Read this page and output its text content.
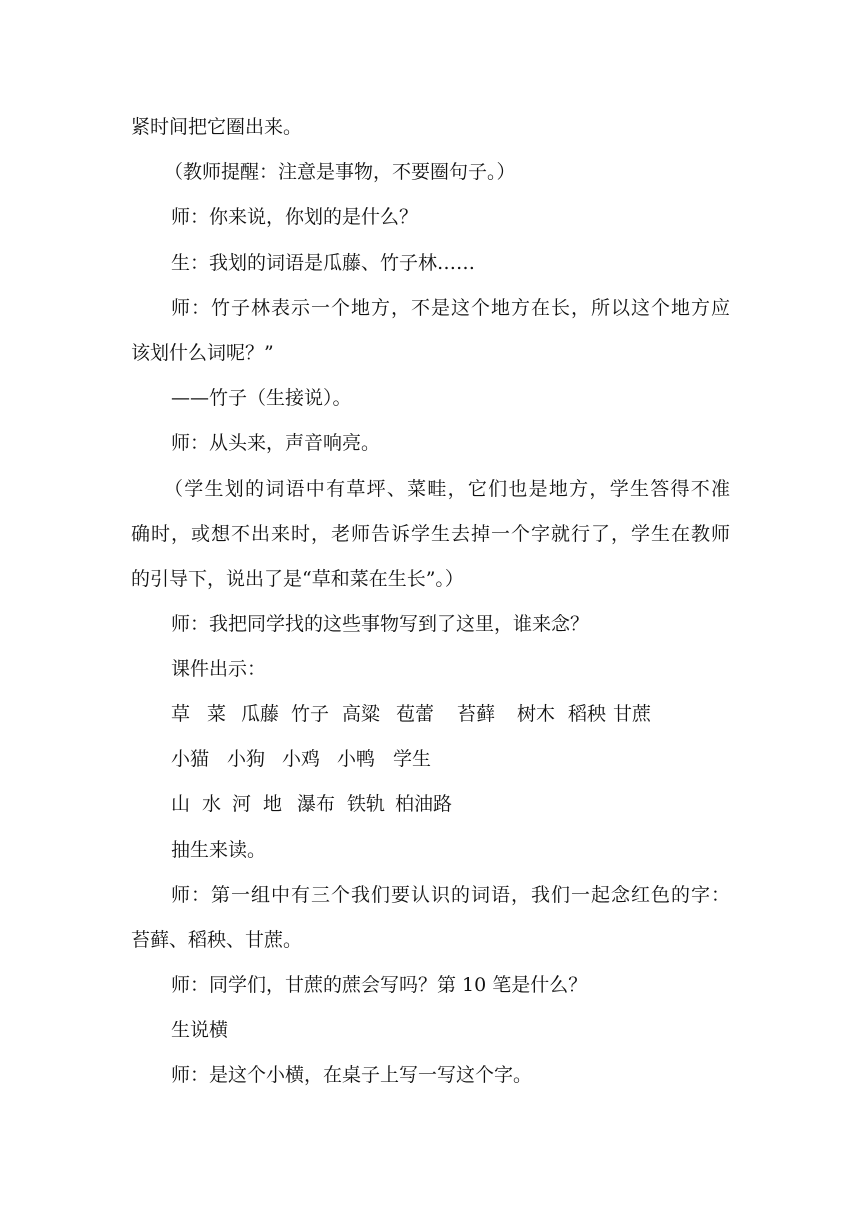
紧时间把它圈出来。
（教师提醒：注意是事物，不要圈句子。）
师：你来说，你划的是什么？
生：我划的词语是瓜藤、竹子林……
师：竹子林表示一个地方，不是这个地方在长，所以这个地方应
该划什么词呢？”
——竹子（生接说）。
师：从头来，声音响亮。
（学生划的词语中有草坪、菜畦，它们也是地方，学生答得不准
确时，或想不出来时，老师告诉学生去掉一个字就行了，学生在教师
的引导下，说出了是“草和菜在生长”。）
师：我把同学找的这些事物写到了这里，谁来念？
课件出示：
草 菜 瓜藤 竹子 高粱 苞蕾 苔藓 树木 稻秧 甘蔗
小猫 小狗 小鸡 小鸭 学生
山 水 河 地 瀑布 铁轨 柏油路
抽生来读。
师：第一组中有三个我们要认识的词语，我们一起念红色的字：
苔藓、稻秧、甘蔗。
师：同学们，甘蔗的蔗会写吗？第 10 笔是什么？
生说横
师：是这个小横，在桌子上写一写这个字。
